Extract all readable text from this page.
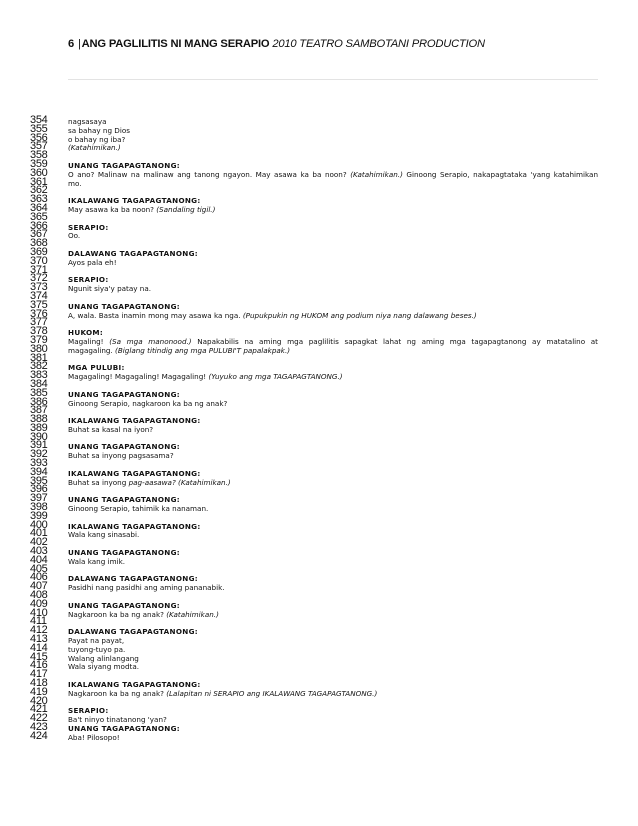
6 |ANG PAGLILITIS NI MANG SERAPIO 2010 TEATRO SAMBOTANI PRODUCTION
354	nagsasaya
355	sa bahay ng Dios
356	o bahay ng iba?
357	(Katahimikan.)
358
359	UNANG TAGAPAGTANONG:
360	O ano? Malinaw na malinaw ang tanong ngayon. May asawa ka ba noon? (Katahimikan.) Ginoong Serapio, nakapagtataka 'yang katahimikan
361	mo.
362
363	IKALAWANG TAGAPAGTANONG:
364	May asawa ka ba noon? (Sandaling tigil.)
365
366	SERAPIO:
367	Oo.
368
369	DALAWANG TAGAPAGTANONG:
370	Ayos pala eh!
371
372	SERAPIO:
373	Ngunit siya'y patay na.
374
375	UNANG TAGAPAGTANONG:
376	A, wala. Basta inamin mong may asawa ka nga. (Pupukpukin ng HUKOM ang podium niya nang dalawang beses.)
377
378	HUKOM:
379	Magaling! (Sa mga manonood.) Napakabilis na aming mga paglilitis sapagkat lahat ng aming mga tagapagtanong ay matatalino at
380	magagaling. (Biglang titindig ang mga PULUBI'T papalakpak.)
381
382	MGA PULUBI:
383	Magagaling! Magagaling! Magagaling! (Yuyuko ang mga TAGAPAGTANONG.)
384
385	UNANG TAGAPAGTANONG:
386	Ginoong Serapio, nagkaroon ka ba ng anak?
387
388	IKALAWANG TAGAPAGTANONG:
389	Buhat sa kasal na iyon?
390
391	UNANG TAGAPAGTANONG:
392	Buhat sa inyong pagsasama?
393
394	IKALAWANG TAGAPAGTANONG:
395	Buhat sa inyong pag-aasawa? (Katahimikan.)
396
397	UNANG TAGAPAGTANONG:
398	Ginoong Serapio, tahimik ka nanaman.
399
400	IKALAWANG TAGAPAGTANONG:
401	Wala kang sinasabi.
402
403	UNANG TAGAPAGTANONG:
404	Wala kang imik.
405
406	DALAWANG TAGAPAGTANONG:
407	Pasidhi nang pasidhi ang aming pananabik.
408
409	UNANG TAGAPAGTANONG:
410	Nagkaroon ka ba ng anak? (Katahimikan.)
411
412	DALAWANG TAGAPAGTANONG:
413	Payat na payat,
414	tuyong-tuyo pa.
415	Walang alinlangang
416	Wala siyang modta.
417
418	IKALAWANG TAGAPAGTANONG:
419	Nagkaroon ka ba ng anak? (Lalapitan ni SERAPIO ang IKALAWANG TAGAPAGTANONG.)
420
421	SERAPIO:
422	Ba't ninyo tinatanong 'yan?
423	UNANG TAGAPAGTANONG:
424	Aba! Pilosopo!
